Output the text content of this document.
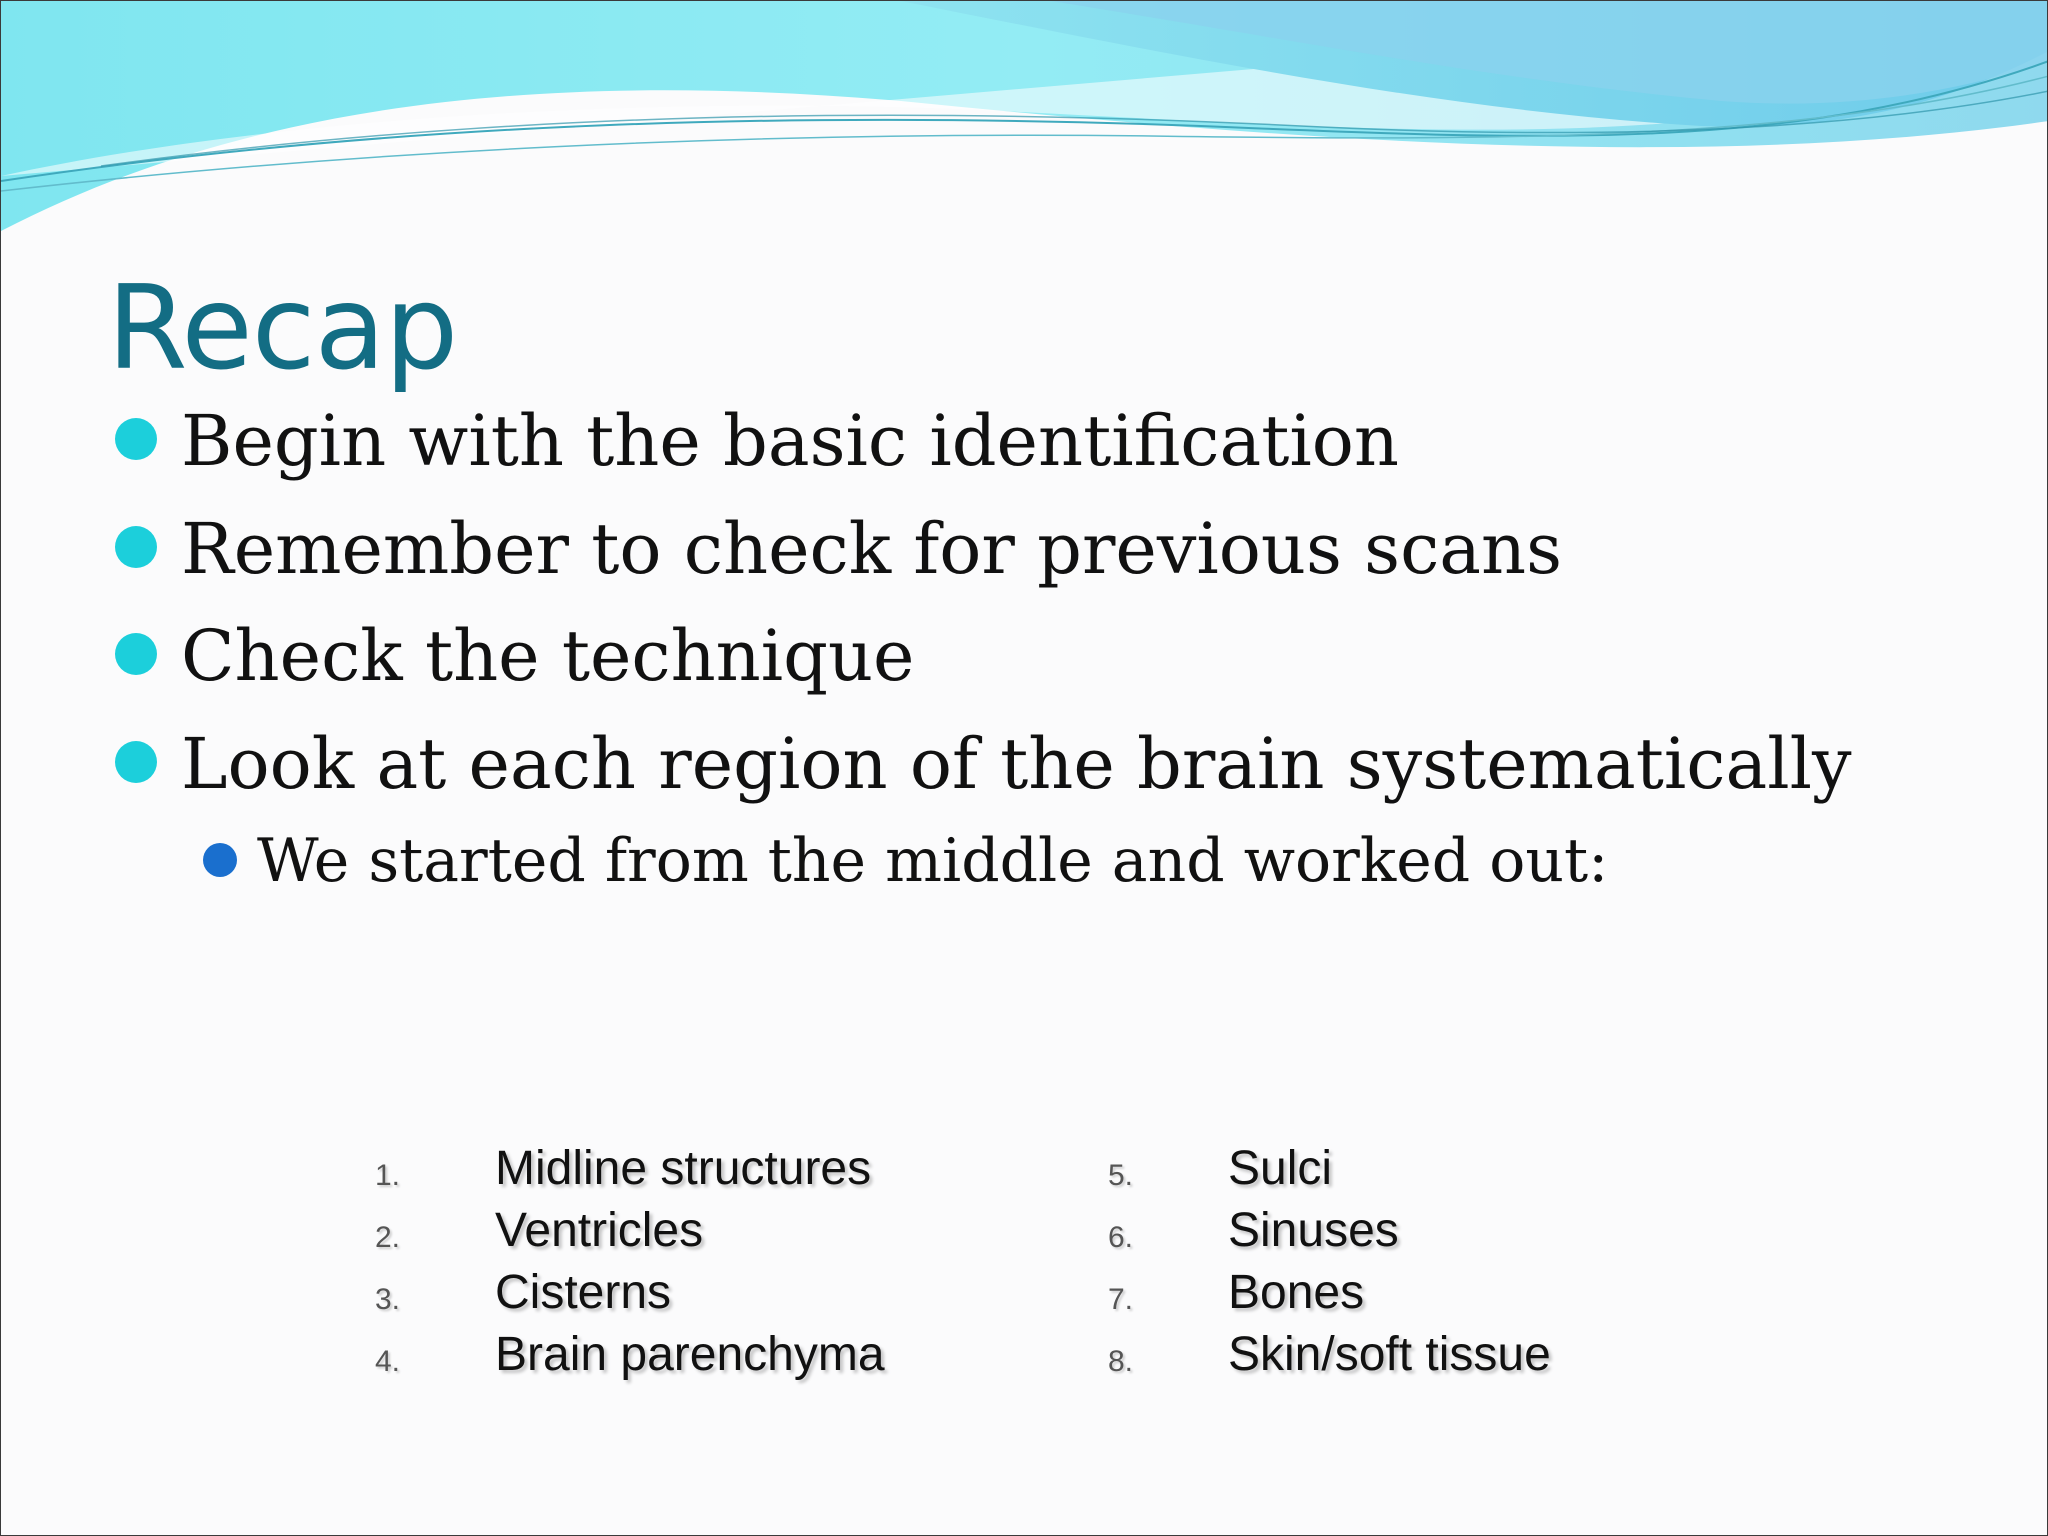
Recap
Begin with the basic identification
Remember to check for previous scans
Check the technique
Look at each region of the brain systematically
We started from the middle and worked out:
1. Midline structures
2. Ventricles
3. Cisterns
4. Brain parenchyma
5. Sulci
6. Sinuses
7. Bones
8. Skin/soft tissue
